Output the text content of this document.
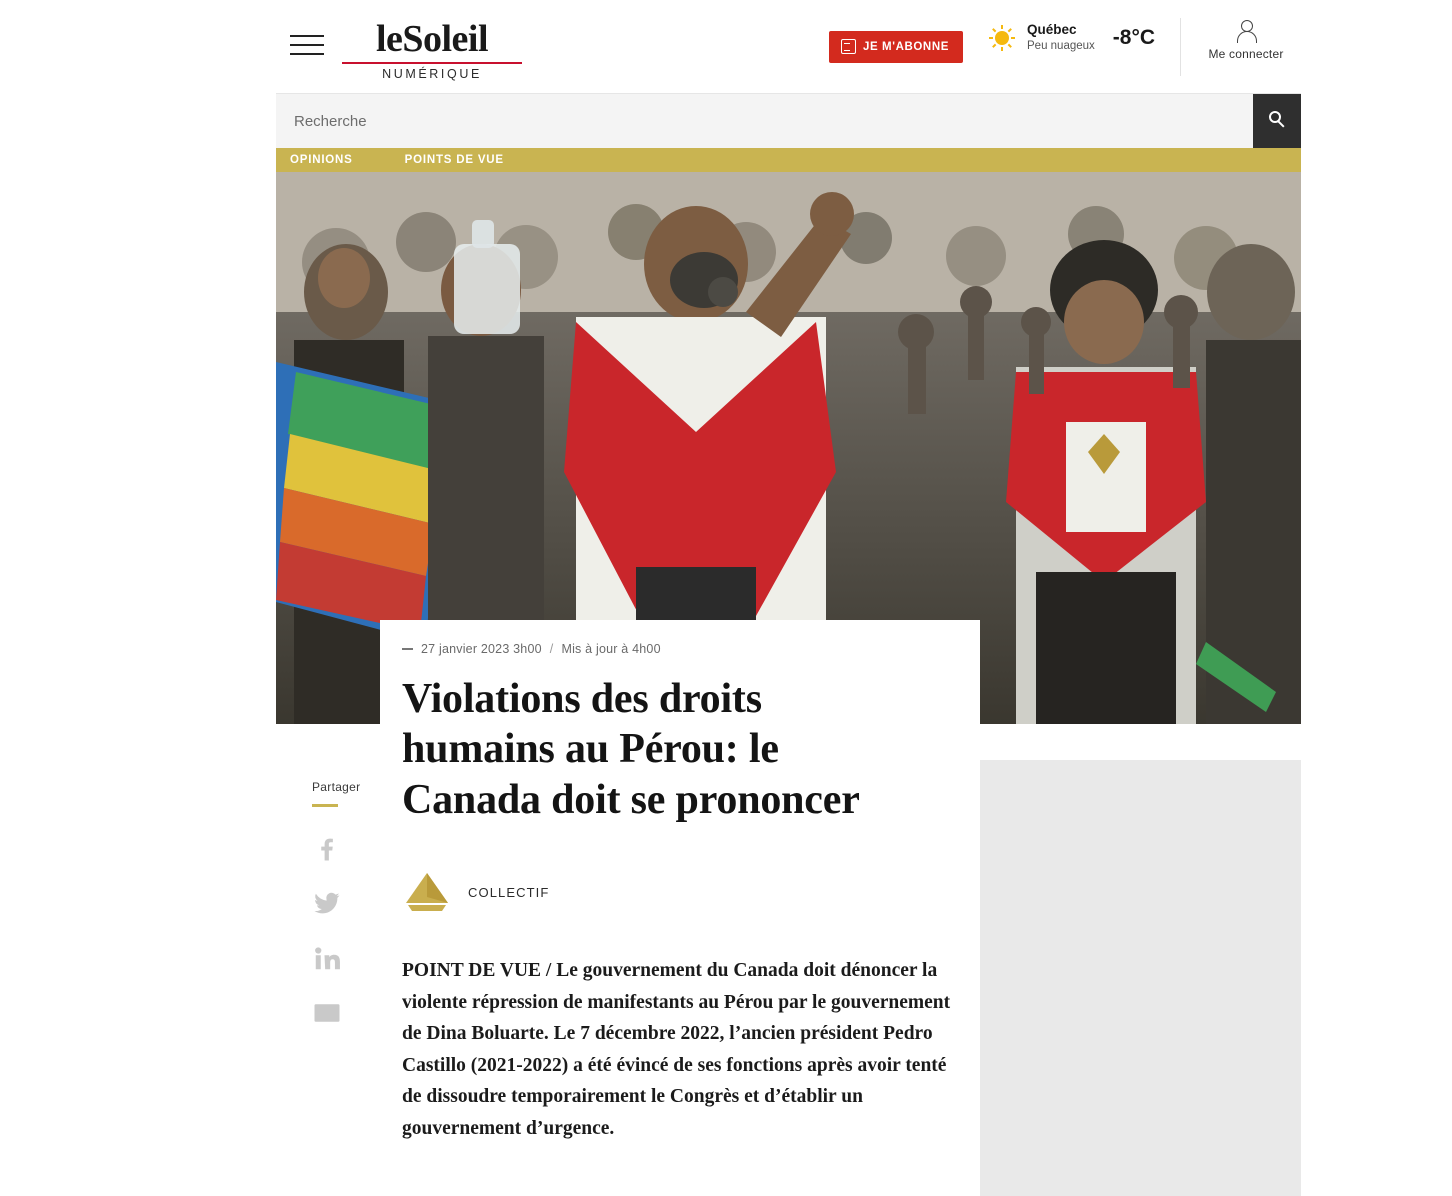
leSoleil
NUMÉRIQUE
JE M'ABONNE
Québec
Peu nuageux -8°C
Me connecter
Recherche
OPINIONS	POINTS DE VUE
Partager

27 janvier 2023 3h00 / Mis à jour à 4h00
Violations des droits humains au Pérou: le Canada doit se prononcer
COLLECTIF

POINT DE VUE / Le gouvernement du Canada doit dénoncer la violente répression de manifestants au Pérou par le gouvernement de Dina Boluarte. Le 7 décembre 2022, l’ancien président Pedro Castillo (2021-2022) a été évincé de ses fonctions après avoir tenté de dissoudre temporairement le Congrès et d’établir un gouvernement d’urgence.
